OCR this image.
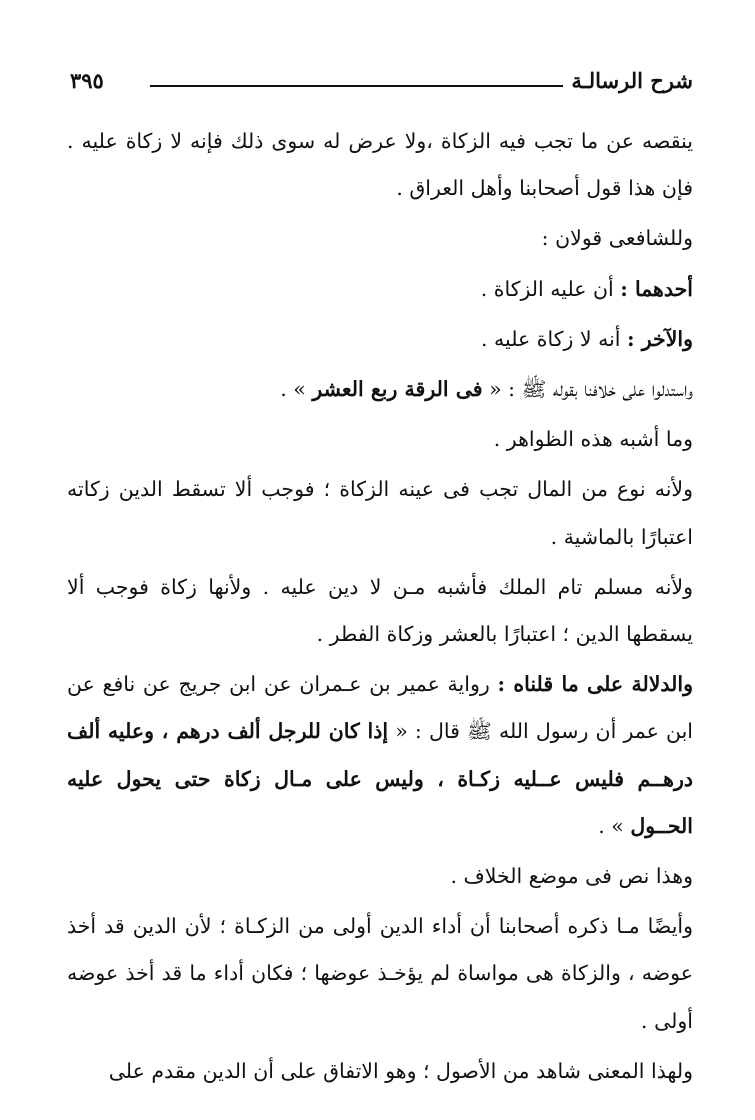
شرح الرسالـة
٣٩٥

ينقصه عن ما تجب فيه الزكاة ،ولا عرض له سوى ذلك فإنه لا زكاة عليه . فإن هذا قول أصحابنا وأهل العراق .

وللشافعى قولان :

أحدهما : أن عليه الزكاة .

والآخر : أنه لا زكاة عليه .

واستدلوا على خلافنا بقوله ﷺ : « فى الرقة ربع العشر » .

وما أشبه هذه الظواهر .

ولأنه نوع من المال تجب فى عينه الزكاة ؛ فوجب ألا تسقط الدين زكاته اعتبارًا بالماشية .

ولأنه مسلم تام الملك فأشبه مـن لا دين عليه . ولأنها زكاة فوجب ألا يسقطها الدين ؛ اعتبارًا بالعشر وزكاة الفطر .

والدلالة على ما قلناه : رواية عمير بن عـمران عن ابن جريج عن نافع عن ابن عمر أن رسول الله ﷺ قال : « إذا كان للرجل ألف درهم ، وعليه ألف درهــم فليس عــليه زكـاة ، وليس على مـال زكاة حتى يحول عليه الحــول » .

وهذا نص فى موضع الخلاف .

وأيضًا مـا ذكره أصحابنا أن أداء الدين أولى من الزكـاة ؛ لأن الدين قد أخذ عوضه ، والزكاة هى مواساة لم يؤخـذ عوضها ؛ فكان أداء ما قد أخذ عوضه أولى .

ولهذا المعنى شاهد من الأصول ؛ وهو الاتفاق على أن الدين مقدم على
